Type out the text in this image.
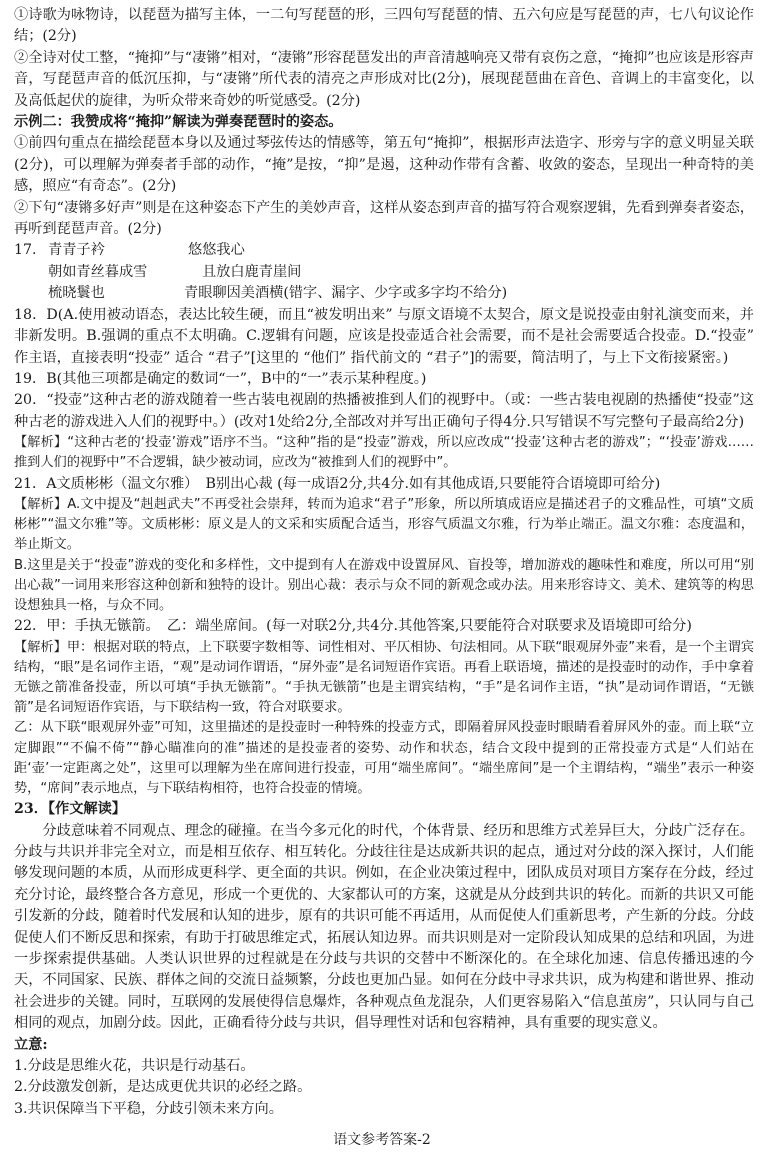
①诗歌为咏物诗，以琵琶为描写主体，一二句写琵琶的形，三四句写琵琶的情、五六句应是写琵琶的声，七八句议论作结；(2分)

②全诗对仗工整，“掩抑”与“凄锵”相对，“凄锵”形容琵琶发出的声音清越响亮又带有哀伤之意，“掩抑”也应该是形容声音，写琵琶声音的低沉压抑，与“凄锵”所代表的清亮之声形成对比(2分)，展现琵琶曲在音色、音调上的丰富变化，以及高低起伏的旋律，为听众带来奇妙的听觉感受。(2分)

示例二：我赞成将“掩抑”解读为弹奏琵琶时的姿态。

①前四句重点在描绘琵琶本身以及通过琴弦传达的情感等，第五句“掩抑”，根据形声法造字、形旁与字的意义明显关联(2分)，可以理解为弹奏者手部的动作，“掩”是按，“抑”是遏，这种动作带有含蓄、收敛的姿态，呈现出一种奇特的美感，照应“有奇态”。(2分)

②下句“凄锵多好声”则是在这种姿态下产生的美妙声音，这样从姿态到声音的描写符合观察逻辑，先看到弹奏者姿态，再听到琵琶声音。(2分)

17. 青青子衿	悠悠我心
朝如青丝暮成雪	且放白鹿青崖间
梳晓鬟也	青眼聊因美酒横(错字、漏字、少字或多字均不给分)

18．D(A.使用被动语态，表达比较生硬，而且“被发明出来” 与原文语境不太契合，原文是说投壶由射礼演变而来，并非新发明。B.强调的重点不太明确。C.逻辑有问题，应该是投壶适合社会需要，而不是社会需要适合投壶。D.“投壶” 作主语，直接表明“投壶” 适合 “君子”[这里的 “他们” 指代前文的 “君子”]的需要，简洁明了，与上下文衔接紧密。)

19．B(其他三项都是确定的数词“一”，B中的“一”表示某种程度。)

20．“投壶”这种古老的游戏随着一些古装电视剧的热播被推到人们的视野中。（或：一些古装电视剧的热播使“投壶”这种古老的游戏进入人们的视野中。）(改对1处给2分,全部改对并写出正确句子得4分.只写错误不写完整句子最高给2分)

【解析】“这种古老的‘投壶’游戏”语序不当。“这种”指的是“投壶”游戏，所以应改成“‘投壶’这种古老的游戏”；“‘投壶’游戏……推到人们的视野中”不合逻辑，缺少被动词，应改为“被推到人们的视野中”。

21．A文质彬彬（温文尔雅）　B别出心裁 (每一成语2分,共4分.如有其他成语,只要能符合语境即可给分)

【解析】A.文中提及“赳赳武夫”不再受社会崇拜，转而为追求“君子”形象，所以所填成语应是描述君子的文雅品性，可填“文质彬彬”“温文尔雅”等。文质彬彬：原义是人的文采和实质配合适当，形容气质温文尔雅，行为举止端正。温文尔雅：态度温和，举止斯文。

B.这里是关于“投壶”游戏的变化和多样性，文中提到有人在游戏中设置屏风、盲投等，增加游戏的趣味性和难度，所以可用“别出心裁”一词用来形容这种创新和独特的设计。别出心裁：表示与众不同的新观念或办法。用来形容诗文、美术、建筑等的构思设想独具一格，与众不同。

22．甲：手执无镞箭。　乙：端坐席间。(每一对联2分,共4分.其他答案,只要能符合对联要求及语境即可给分)

【解析】甲：根据对联的特点，上下联要字数相等、词性相对、平仄相协、句法相同。从下联“眼观屏外壶”来看，是一个主谓宾结构，“眼”是名词作主语，“观”是动词作谓语，“屏外壶”是名词短语作宾语。再看上联语境，描述的是投壶时的动作，手中拿着无镞之箭准备投壶，所以可填“手执无镞箭”。“手执无镞箭”也是主谓宾结构，“手”是名词作主语，“执”是动词作谓语，“无镞箭”是名词短语作宾语，与下联结构一致，符合对联要求。

乙：从下联“眼观屏外壶”可知，这里描述的是投壶时一种特殊的投壶方式，即隔着屏风投壶时眼睛看着屏风外的壶。而上联“立定脚跟”“不偏不倚”“静心瞄准向的准”描述的是投壶者的姿势、动作和状态，结合文段中提到的正常投壶方式是“人们站在距‘壶’一定距离之处”，这里可以理解为坐在席间进行投壶，可用“端坐席间”。“端坐席间”是一个主谓结构，“端坐”表示一种姿势，“席间”表示地点，与下联结构相符，也符合投壶的情境。

23．【作文解读】

分歧意味着不同观点、理念的碰撞。在当今多元化的时代，个体背景、经历和思维方式差异巨大，分歧广泛存在。分歧与共识并非完全对立，而是相互依存、相互转化。分歧往往是达成新共识的起点，通过对分歧的深入探讨，人们能够发现问题的本质，从而形成更科学、更全面的共识。例如，在企业决策过程中，团队成员对项目方案存在分歧，经过充分讨论，最终整合各方意见，形成一个更优的、大家都认可的方案，这就是从分歧到共识的转化。而新的共识又可能引发新的分歧，随着时代发展和认知的进步，原有的共识可能不再适用，从而促使人们重新思考，产生新的分歧。分歧促使人们不断反思和探索，有助于打破思维定式，拓展认知边界。而共识则是对一定阶段认知成果的总结和巩固，为进一步探索提供基础。人类认识世界的过程就是在分歧与共识的交替中不断深化的。在全球化加速、信息传播迅速的今天，不同国家、民族、群体之间的交流日益频繁，分歧也更加凸显。如何在分歧中寻求共识，成为构建和谐世界、推动社会进步的关键。同时，互联网的发展使得信息爆炸，各种观点鱼龙混杂，人们更容易陷入“信息茧房”，只认同与自己相同的观点，加剧分歧。因此，正确看待分歧与共识，倡导理性对话和包容精神，具有重要的现实意义。

立意:

1.分歧是思维火花，共识是行动基石。

2.分歧激发创新，是达成更优共识的必经之路。

3.共识保障当下平稳，分歧引领未来方向。

语文参考答案-2
